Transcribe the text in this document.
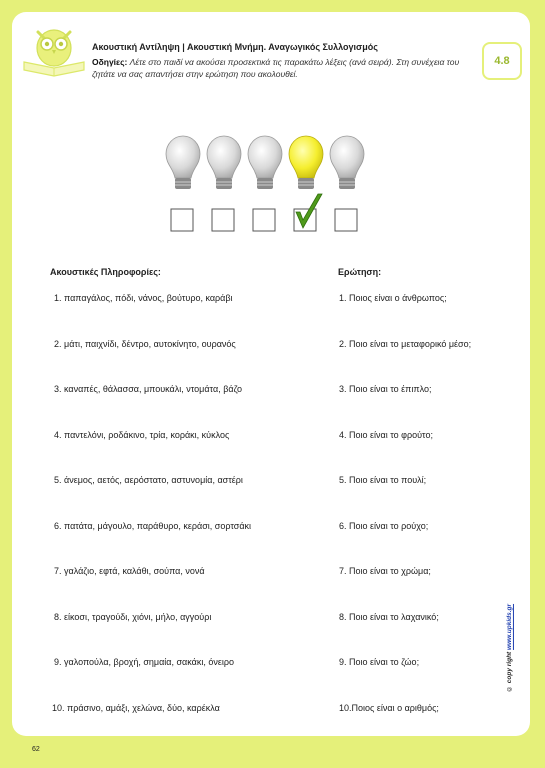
Ακουστική Αντίληψη | Ακουστική Μνήμη. Αναγωγικός Συλλογισμός
Οδηγίες: Λέτε στο παιδί να ακούσει προσεκτικά τις παρακάτω λέξεις (ανά σειρά). Στη συνέχεια του ζητάτε να σας απαντήσει στην ερώτηση που ακολουθεί.
4.8
Ακουστικές Πληροφορίες:	Ερώτηση:
1. παπαγάλος, πόδι, νάνος, βούτυρο, καράβι
2. μάτι, παιχνίδι, δέντρο, αυτοκίνητο, ουρανός
3. καναπές, θάλασσα, μπουκάλι, ντομάτα, βάζο
4. παντελόνι, ροδάκινο, τρία, κοράκι, κύκλος
5. άνεμος, αετός, αερόστατο, αστυνομία, αστέρι
6. πατάτα, μάγουλο, παράθυρο, κεράσι, σορτσάκι
7. γαλάζιο, εφτά, καλάθι, σούπα, νονά
8. είκοσι, τραγούδι, χιόνι, μήλο, αγγούρι
9. γαλοπούλα, βροχή, σημαία, σακάκι, όνειρο
10. πράσινο, αμάξι, χελώνα, δύο, καρέκλα
1. Ποιος είναι ο άνθρωπος;
2. Ποιο είναι το μεταφορικό μέσο;
3. Ποιο είναι το έπιπλο;
4. Ποιο είναι το φρούτο;
5. Ποιο είναι το πουλί;
6. Ποιο είναι το ρούχο;
7. Ποιο είναι το χρώμα;
8. Ποιο είναι το λαχανικό;
9. Ποιο είναι το ζώο;
10.Ποιος είναι ο αριθμός;
© copy right www.upkids.gr
62
